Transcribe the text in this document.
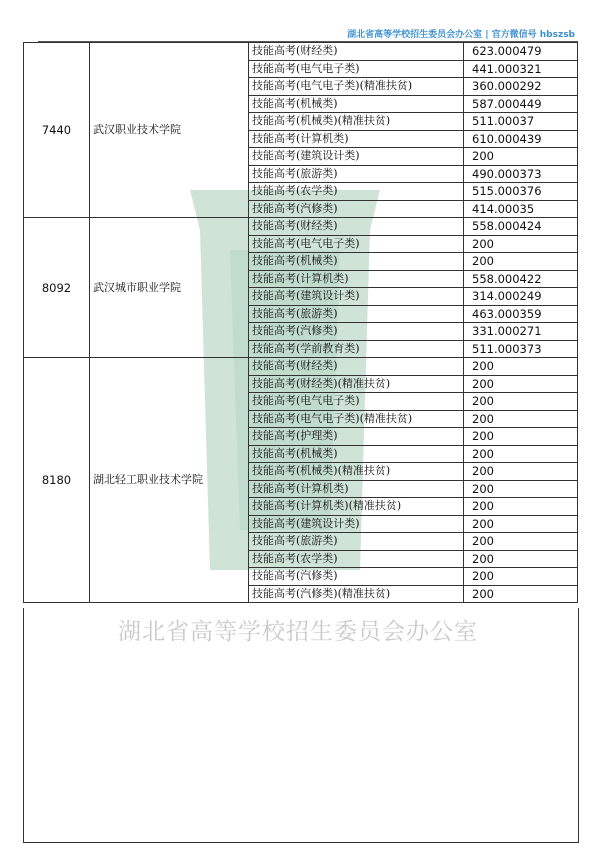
湖北省高等学校招生委员会办公室 | 官方微信号 hbszsb
7440	武汉职业技术学院	技能高考(财经类)	623.000479
		技能高考(电气电子类)	441.000321
		技能高考(电气电子类)(精准扶贫)	360.000292
		技能高考(机械类)	587.000449
		技能高考(机械类)(精准扶贫)	511.00037
		技能高考(计算机类)	610.000439
		技能高考(建筑设计类)	200
		技能高考(旅游类)	490.000373
		技能高考(农学类)	515.000376
		技能高考(汽修类)	414.00035
8092	武汉城市职业学院	技能高考(财经类)	558.000424
		技能高考(电气电子类)	200
		技能高考(机械类)	200
		技能高考(计算机类)	558.000422
		技能高考(建筑设计类)	314.000249
		技能高考(旅游类)	463.000359
		技能高考(汽修类)	331.000271
		技能高考(学前教育类)	511.000373
8180	湖北轻工职业技术学院	技能高考(财经类)	200
		技能高考(财经类)(精准扶贫)	200
		技能高考(电气电子类)	200
		技能高考(电气电子类)(精准扶贫)	200
		技能高考(护理类)	200
		技能高考(机械类)	200
		技能高考(机械类)(精准扶贫)	200
		技能高考(计算机类)	200
		技能高考(计算机类)(精准扶贫)	200
		技能高考(建筑设计类)	200
		技能高考(旅游类)	200
		技能高考(农学类)	200
		技能高考(汽修类)	200
		技能高考(汽修类)(精准扶贫)	200
湖北省高等学校招生委员会办公室
